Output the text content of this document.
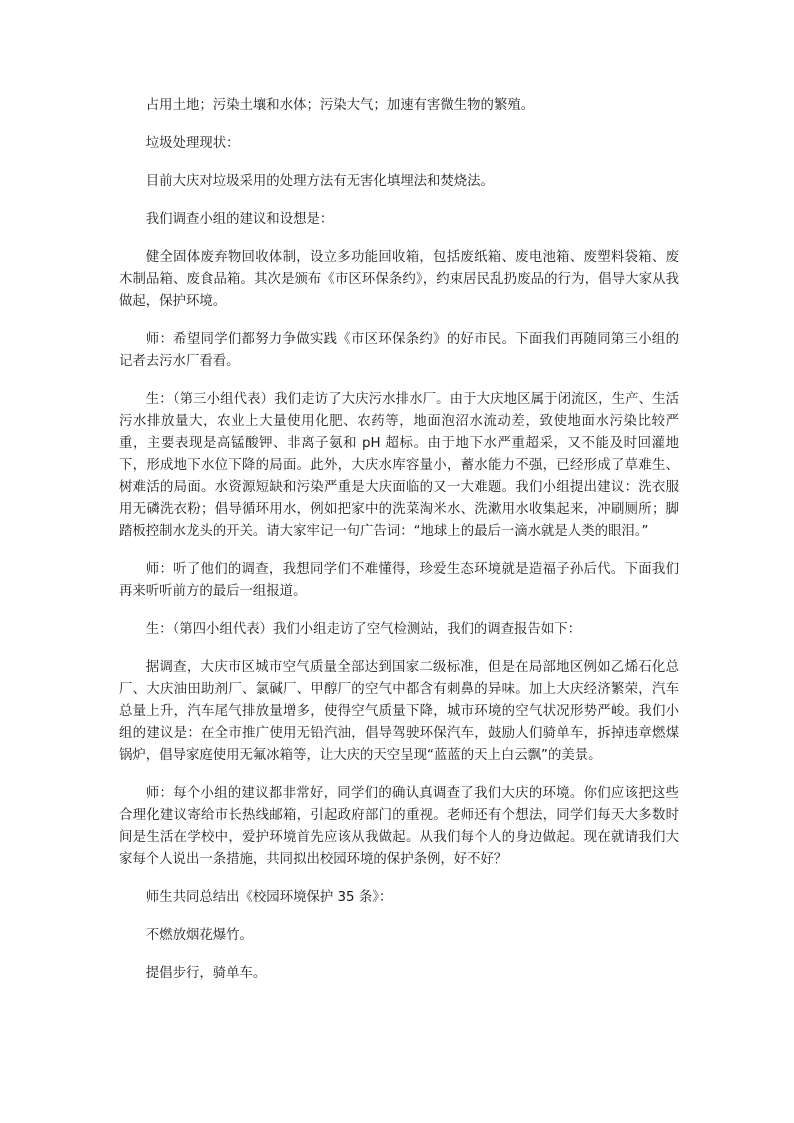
占用土地；污染土壤和水体；污染大气；加速有害微生物的繁殖。

垃圾处理现状：

目前大庆对垃圾采用的处理方法有无害化填埋法和焚烧法。

我们调查小组的建议和设想是：

健全固体废弃物回收体制，设立多功能回收箱，包括废纸箱、废电池箱、废塑料袋箱、废木制品箱、废食品箱。其次是颁布《市区环保条约》，约束居民乱扔废品的行为，倡导大家从我做起，保护环境。

师：希望同学们都努力争做实践《市区环保条约》的好市民。下面我们再随同第三小组的记者去污水厂看看。

生：（第三小组代表）我们走访了大庆污水排水厂。由于大庆地区属于闭流区，生产、生活污水排放量大，农业上大量使用化肥、农药等，地面泡沼水流动差，致使地面水污染比较严重，主要表现是高锰酸钾、非离子氨和 pH 超标。由于地下水严重超采，又不能及时回灌地下，形成地下水位下降的局面。此外，大庆水库容量小，蓄水能力不强，已经形成了草难生、树难活的局面。水资源短缺和污染严重是大庆面临的又一大难题。我们小组提出建议：洗衣服用无磷洗衣粉；倡导循环用水，例如把家中的洗菜淘米水、洗漱用水收集起来，冲刷厕所；脚踏板控制水龙头的开关。请大家牢记一句广告词：“地球上的最后一滴水就是人类的眼泪。”

师：听了他们的调查，我想同学们不难懂得，珍爱生态环境就是造福子孙后代。下面我们再来听听前方的最后一组报道。

生：（第四小组代表）我们小组走访了空气检测站，我们的调查报告如下：

据调查，大庆市区城市空气质量全部达到国家二级标准，但是在局部地区例如乙烯石化总厂、大庆油田助剂厂、氯碱厂、甲醇厂的空气中都含有刺鼻的异味。加上大庆经济繁荣，汽车总量上升，汽车尾气排放量增多，使得空气质量下降，城市环境的空气状况形势严峻。我们小组的建议是：在全市推广使用无铅汽油，倡导驾驶环保汽车，鼓励人们骑单车，拆掉违章燃煤锅炉，倡导家庭使用无氟冰箱等，让大庆的天空呈现“蓝蓝的天上白云飘”的美景。

师：每个小组的建议都非常好，同学们的确认真调查了我们大庆的环境。你们应该把这些合理化建议寄给市长热线邮箱，引起政府部门的重视。老师还有个想法，同学们每天大多数时间是生活在学校中，爱护环境首先应该从我做起。从我们每个人的身边做起。现在就请我们大家每个人说出一条措施，共同拟出校园环境的保护条例，好不好？

师生共同总结出《校园环境保护 35 条》：

不燃放烟花爆竹。

提倡步行，骑单车。
